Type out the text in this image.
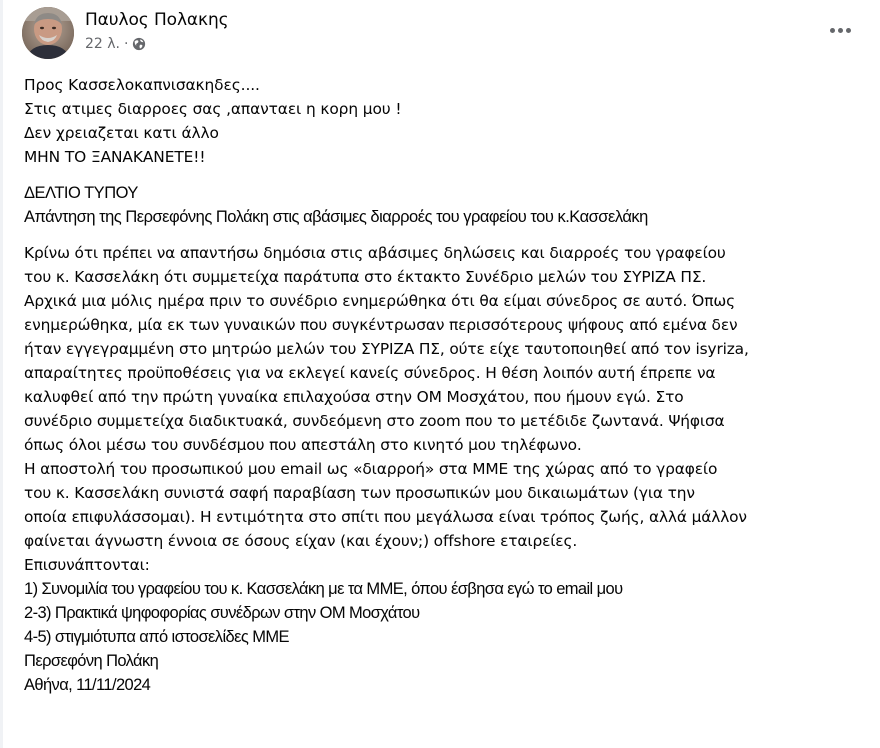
Παυλος Πολακης
22 λ. ·
Προς Κασσελοκαπνισακηδες....
Στις ατιμες διαρροες σας ,απανταει η κορη μου !
Δεν χρειαζεται κατι άλλο
ΜΗΝ ΤΟ ΞΑΝΑΚΑΝΕΤΕ!!
ΔΕΛΤΙΟ ΤΥΠΟΥ
Απάντηση της Περσεφόνης Πολάκη στις αβάσιμες διαρροές του γραφείου του κ.Κασσελάκη
Κρίνω ότι πρέπει να απαντήσω δημόσια στις αβάσιμες δηλώσεις και διαρροές του γραφείου
του κ. Κασσελάκη ότι συμμετείχα παράτυπα στο έκτακτο Συνέδριο μελών του ΣΥΡΙΖΑ ΠΣ.
Αρχικά μια μόλις ημέρα πριν το συνέδριο ενημερώθηκα ότι θα είμαι σύνεδρος σε αυτό. Όπως
ενημερώθηκα, μία εκ των γυναικών που συγκέντρωσαν περισσότερους ψήφους από εμένα δεν
ήταν εγγεγραμμένη στο μητρώο μελών του ΣΥΡΙΖΑ ΠΣ, ούτε είχε ταυτοποιηθεί από τον isyriza,
απαραίτητες προϋποθέσεις για να εκλεγεί κανείς σύνεδρος. Η θέση λοιπόν αυτή έπρεπε να
καλυφθεί από την πρώτη γυναίκα επιλαχούσα στην ΟΜ Μοσχάτου, που ήμουν εγώ. Στο
συνέδριο συμμετείχα διαδικτυακά, συνδεόμενη στο zoom που το μετέδιδε ζωντανά. Ψήφισα
όπως όλοι μέσω του συνδέσμου που απεστάλη στο κινητό μου τηλέφωνο.
Η αποστολή του προσωπικού μου email ως «διαρροή» στα ΜΜΕ της χώρας από το γραφείο
του κ. Κασσελάκη συνιστά σαφή παραβίαση των προσωπικών μου δικαιωμάτων (για την
οποία επιφυλάσσομαι). Η εντιμότητα στο σπίτι που μεγάλωσα είναι τρόπος ζωής, αλλά μάλλον
φαίνεται άγνωστη έννοια σε όσους είχαν (και έχουν;) offshore εταιρείες.
Επισυνάπτονται:
1) Συνομιλία του γραφείου του κ. Κασσελάκη με τα ΜΜΕ, όπου έσβησα εγώ το email μου
2-3) Πρακτικά ψηφοφορίας συνέδρων στην ΟΜ Μοσχάτου
4-5) στιγμιότυπα από ιστοσελίδες ΜΜΕ
Περσεφόνη Πολάκη
Αθήνα, 11/11/2024
